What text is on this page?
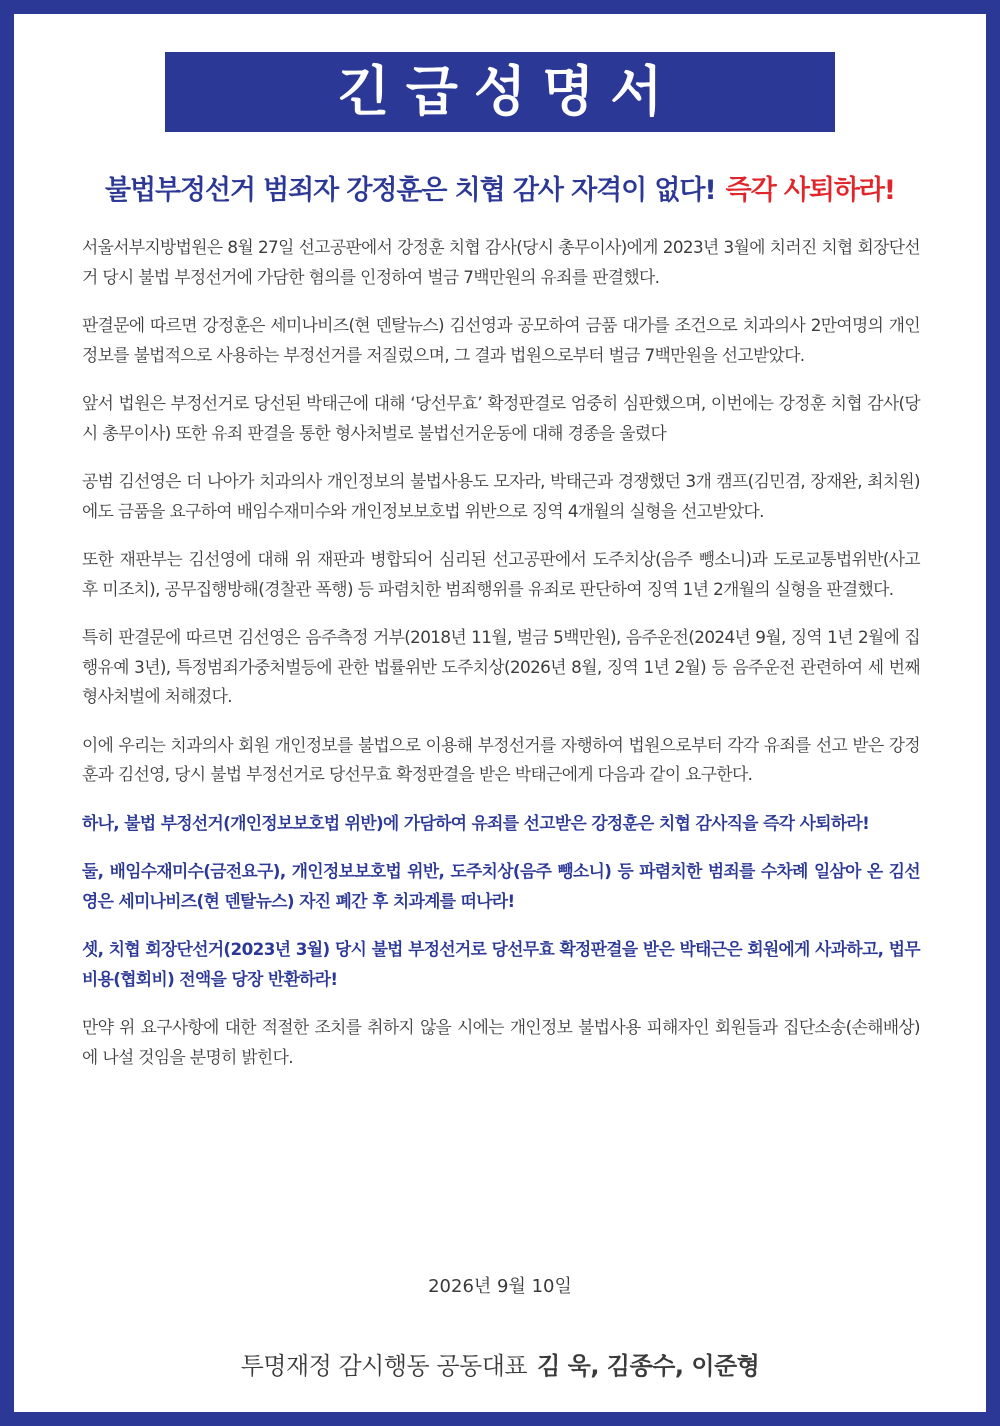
긴급성명서
불법부정선거 범죄자 강정훈은 치협 감사 자격이 없다! 즉각 사퇴하라!

서울서부지방법원은 8월 27일 선고공판에서 강정훈 치협 감사(당시 총무이사)에게 2023년 3월에 치러진 치협 회장단선거 당시 불법 부정선거에 가담한 혐의를 인정하여 벌금 7백만원의 유죄를 판결했다.

판결문에 따르면 강정훈은 세미나비즈(현 덴탈뉴스) 김선영과 공모하여 금품 대가를 조건으로 치과의사 2만여명의 개인정보를 불법적으로 사용하는 부정선거를 저질렀으며, 그 결과 법원으로부터 벌금 7백만원을 선고받았다.

앞서 법원은 부정선거로 당선된 박태근에 대해 ‘당선무효’ 확정판결로 엄중히 심판했으며, 이번에는 강정훈 치협 감사(당시 총무이사) 또한 유죄 판결을 통한 형사처벌로 불법선거운동에 대해 경종을 울렸다

공범 김선영은 더 나아가 치과의사 개인정보의 불법사용도 모자라, 박태근과 경쟁했던 3개 캠프(김민겸, 장재완, 최치원)에도 금품을 요구하여 배임수재미수와 개인정보보호법 위반으로 징역 4개월의 실형을 선고받았다.

또한 재판부는 김선영에 대해 위 재판과 병합되어 심리된 선고공판에서 도주치상(음주 뺑소니)과 도로교통법위반(사고 후 미조치), 공무집행방해(경찰관 폭행) 등 파렴치한 범죄행위를 유죄로 판단하여 징역 1년 2개월의 실형을 판결했다.

특히 판결문에 따르면 김선영은 음주측정 거부(2018년 11월, 벌금 5백만원), 음주운전(2024년 9월, 징역 1년 2월에 집행유예 3년), 특정범죄가중처벌등에 관한 법률위반 도주치상(2026년 8월, 징역 1년 2월) 등 음주운전 관련하여 세 번째 형사처벌에 처해졌다.

이에 우리는 치과의사 회원 개인정보를 불법으로 이용해 부정선거를 자행하여 법원으로부터 각각 유죄를 선고 받은 강정훈과 김선영, 당시 불법 부정선거로 당선무효 확정판결을 받은 박태근에게 다음과 같이 요구한다.

하나, 불법 부정선거(개인정보보호법 위반)에 가담하여 유죄를 선고받은 강정훈은 치협 감사직을 즉각 사퇴하라!

둘, 배임수재미수(금전요구), 개인정보보호법 위반, 도주치상(음주 뺑소니) 등 파렴치한 범죄를 수차례 일삼아 온 김선영은 세미나비즈(현 덴탈뉴스) 자진 폐간 후 치과계를 떠나라!

셋, 치협 회장단선거(2023년 3월) 당시 불법 부정선거로 당선무효 확정판결을 받은 박태근은 회원에게 사과하고, 법무비용(협회비) 전액을 당장 반환하라!

만약 위 요구사항에 대한 적절한 조치를 취하지 않을 시에는 개인정보 불법사용 피해자인 회원들과 집단소송(손해배상)에 나설 것임을 분명히 밝힌다.

2026년 9월 10일
투명재정 감시행동 공동대표 김 욱, 김종수, 이준형
